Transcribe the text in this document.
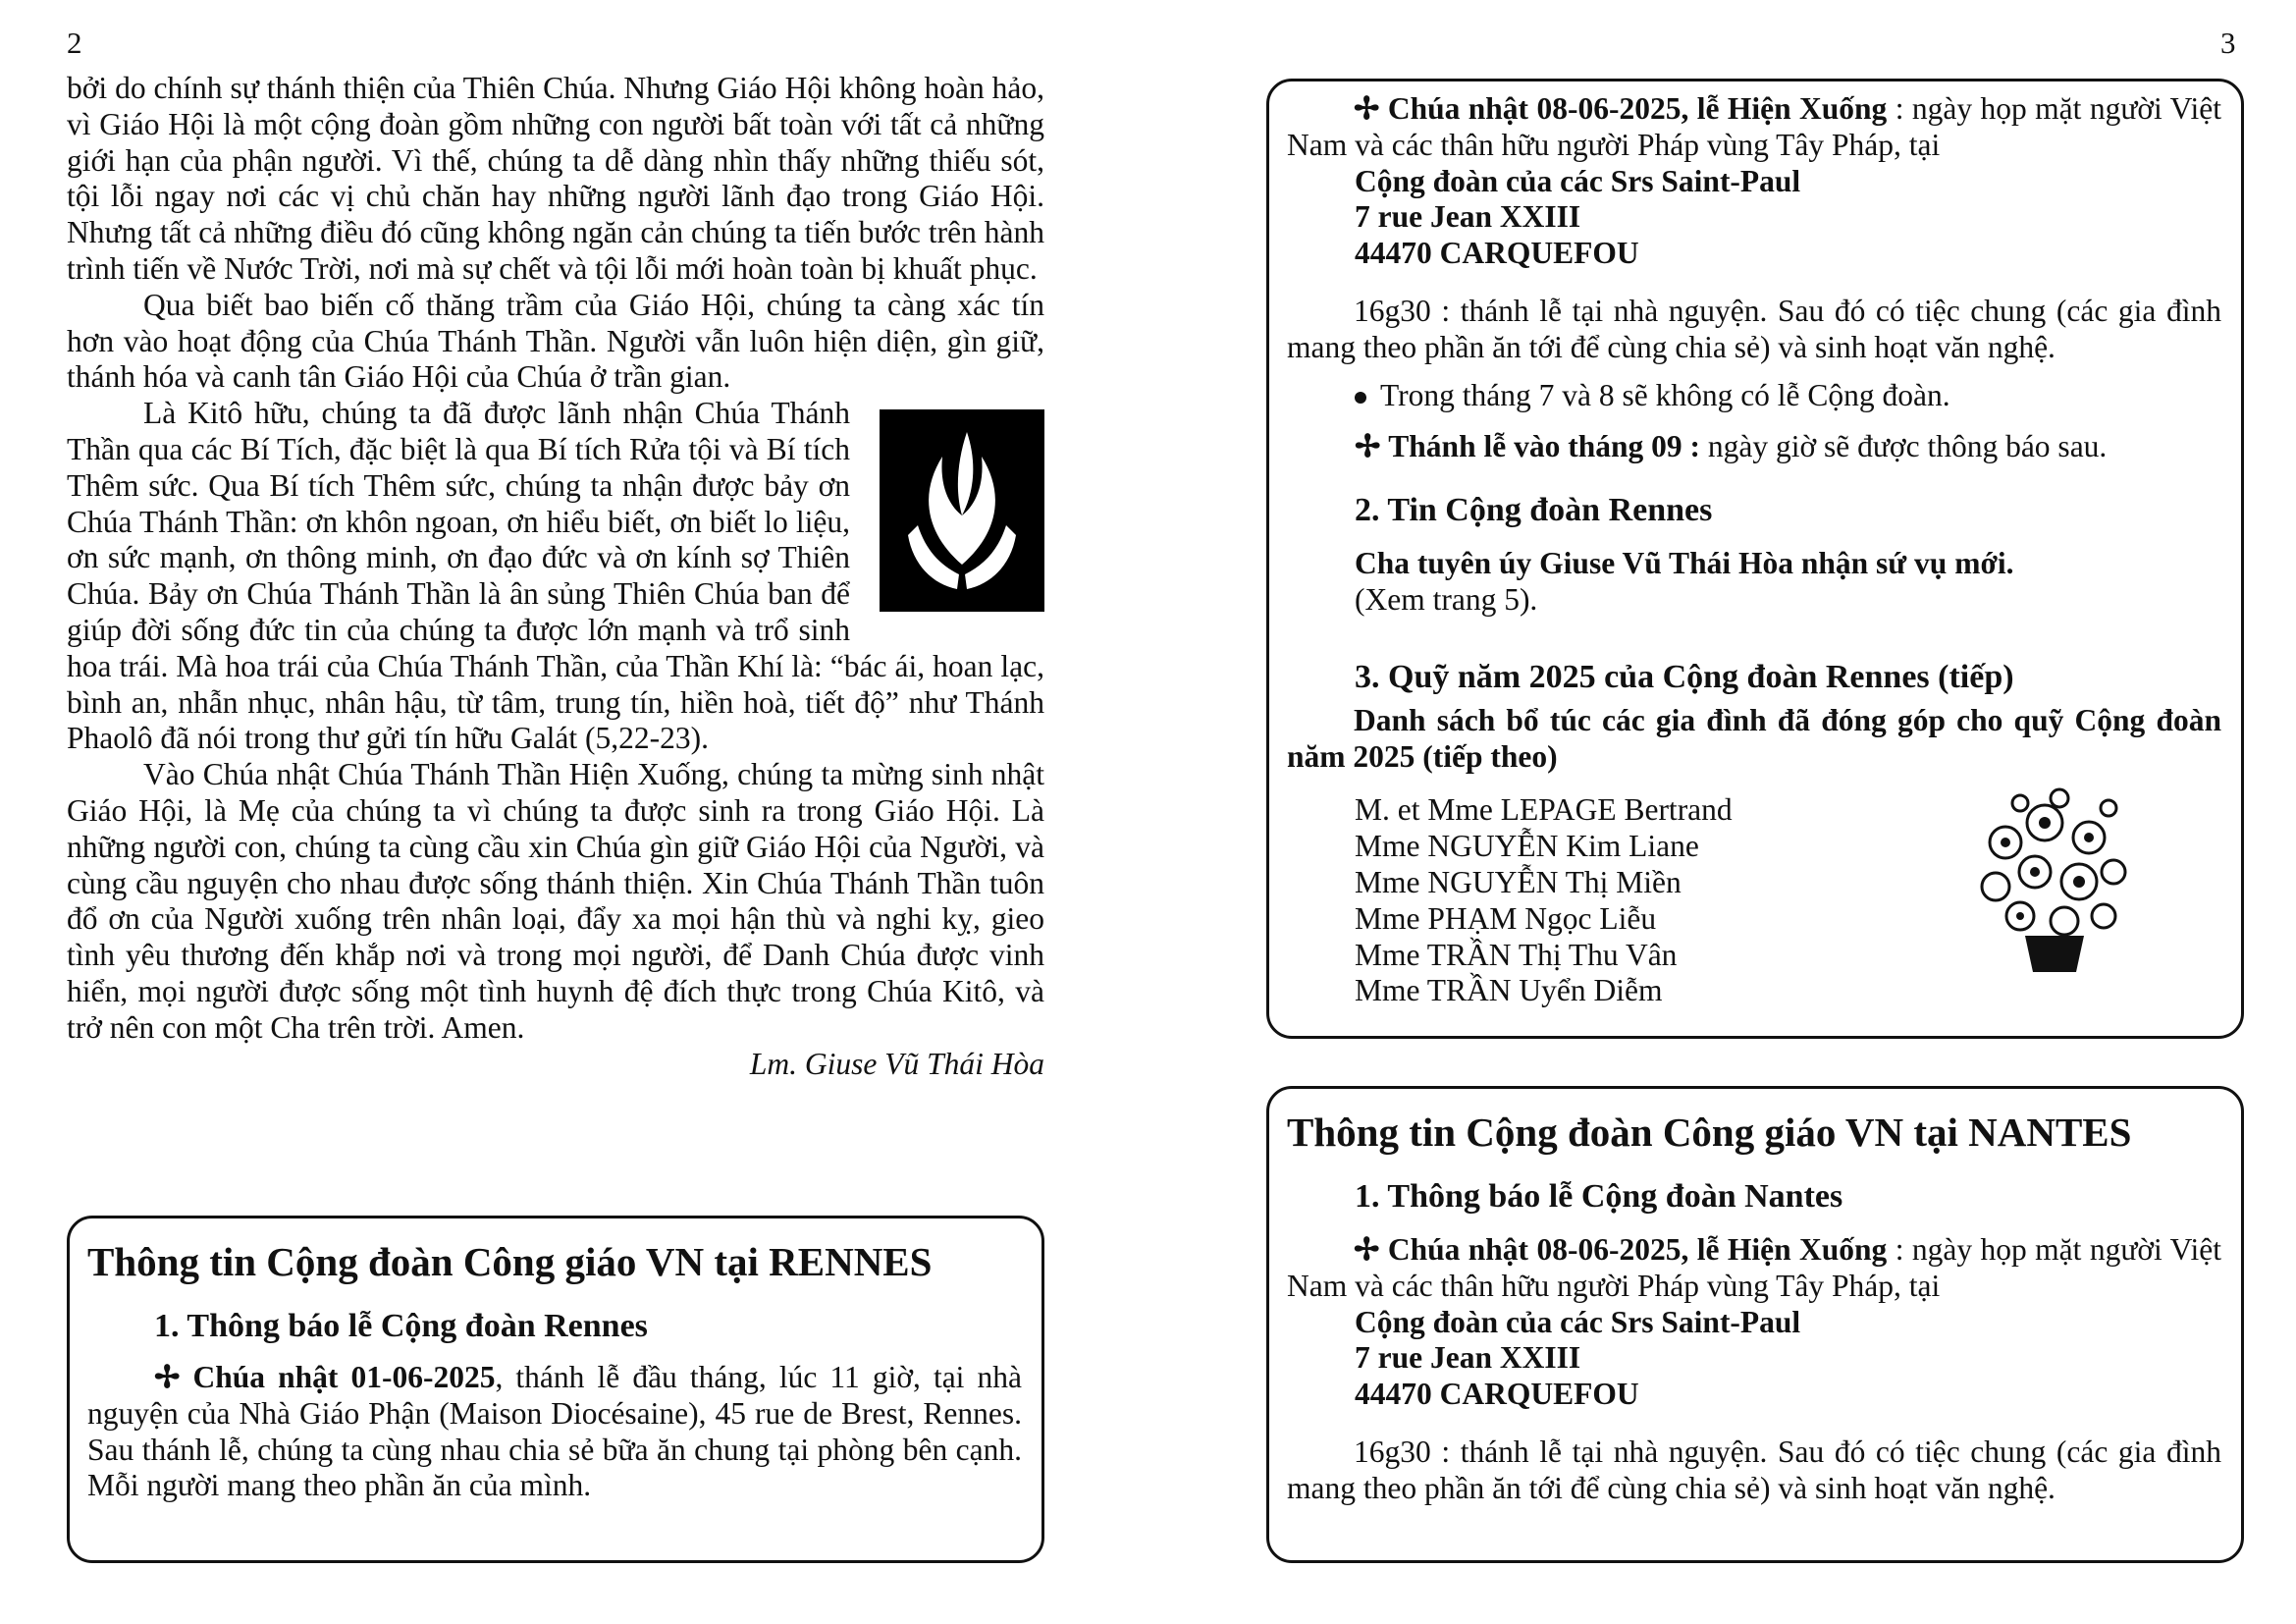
2	3

bởi do chính sự thánh thiện của Thiên Chúa. Nhưng Giáo Hội không hoàn hảo, vì Giáo Hội là một cộng đoàn gồm những con người bất toàn với tất cả những giới hạn của phận người. Vì thế, chúng ta dễ dàng nhìn thấy những thiếu sót, tội lỗi ngay nơi các vị chủ chăn hay những người lãnh đạo trong Giáo Hội. Nhưng tất cả những điều đó cũng không ngăn cản chúng ta tiến bước trên hành trình tiến về Nước Trời, nơi mà sự chết và tội lỗi mới hoàn toàn bị khuất phục.

Qua biết bao biến cố thăng trầm của Giáo Hội, chúng ta càng xác tín hơn vào hoạt động của Chúa Thánh Thần. Người vẫn luôn hiện diện, gìn giữ, thánh hóa và canh tân Giáo Hội của Chúa ở trần gian.

Là Kitô hữu, chúng ta đã được lãnh nhận Chúa Thánh Thần qua các Bí Tích, đặc biệt là qua Bí tích Rửa tội và Bí tích Thêm sức. Qua Bí tích Thêm sức, chúng ta nhận được bảy ơn Chúa Thánh Thần: ơn khôn ngoan, ơn hiểu biết, ơn biết lo liệu, ơn sức mạnh, ơn thông minh, ơn đạo đức và ơn kính sợ Thiên Chúa. Bảy ơn Chúa Thánh Thần là ân sủng Thiên Chúa ban để giúp đời sống đức tin của chúng ta được lớn mạnh và trổ sinh hoa trái. Mà hoa trái của Chúa Thánh Thần, của Thần Khí là: “bác ái, hoan lạc, bình an, nhẫn nhục, nhân hậu, từ tâm, trung tín, hiền hoà, tiết độ” như Thánh Phaolô đã nói trong thư gửi tín hữu Galát (5,22-23).

Vào Chúa nhật Chúa Thánh Thần Hiện Xuống, chúng ta mừng sinh nhật Giáo Hội, là Mẹ của chúng ta vì chúng ta được sinh ra trong Giáo Hội. Là những người con, chúng ta cùng cầu xin Chúa gìn giữ Giáo Hội của Người, và cùng cầu nguyện cho nhau được sống thánh thiện. Xin Chúa Thánh Thần tuôn đổ ơn của Người xuống trên nhân loại, đẩy xa mọi hận thù và nghi kỵ, gieo tình yêu thương đến khắp nơi và trong mọi người, để Danh Chúa được vinh hiển, mọi người được sống một tình huynh đệ đích thực trong Chúa Kitô, và trở nên con một Cha trên trời. Amen.

Lm. Giuse Vũ Thái Hòa

Thông tin Cộng đoàn Công giáo VN tại RENNES
1. Thông báo lễ Cộng đoàn Rennes

✢ Chúa nhật 01-06-2025, thánh lễ đầu tháng, lúc 11 giờ, tại nhà nguyện của Nhà Giáo Phận (Maison Diocésaine), 45 rue de Brest, Rennes. Sau thánh lễ, chúng ta cùng nhau chia sẻ bữa ăn chung tại phòng bên cạnh. Mỗi người mang theo phần ăn của mình.

✢ Chúa nhật 08-06-2025, lễ Hiện Xuống : ngày họp mặt người Việt Nam và các thân hữu người Pháp vùng Tây Pháp, tại

Cộng đoàn của các Srs Saint-Paul
7 rue Jean XXIII
44470 CARQUEFOU

16g30 : thánh lễ tại nhà nguyện. Sau đó có tiệc chung (các gia đình mang theo phần ăn tới để cùng chia sẻ) và sinh hoạt văn nghệ.

Trong tháng 7 và 8 sẽ không có lễ Cộng đoàn.
✢ Thánh lễ vào tháng 09 : ngày giờ sẽ được thông báo sau.
2. Tin Cộng đoàn Rennes
Cha tuyên úy Giuse Vũ Thái Hòa nhận sứ vụ mới.
(Xem trang 5).
3. Quỹ năm 2025 của Cộng đoàn Rennes (tiếp)

Danh sách bổ túc các gia đình đã đóng góp cho quỹ Cộng đoàn năm 2025 (tiếp theo)

M. et Mme LEPAGE Bertrand
Mme NGUYỄN Kim Liane
Mme NGUYỄN Thị Miền
Mme PHẠM Ngọc Liễu
Mme TRẦN Thị Thu Vân
Mme TRẦN Uyển Diễm
Thông tin Cộng đoàn Công giáo VN tại NANTES
1. Thông báo lễ Cộng đoàn Nantes

✢ Chúa nhật 08-06-2025, lễ Hiện Xuống : ngày họp mặt người Việt Nam và các thân hữu người Pháp vùng Tây Pháp, tại

Cộng đoàn của các Srs Saint-Paul
7 rue Jean XXIII
44470 CARQUEFOU

16g30 : thánh lễ tại nhà nguyện. Sau đó có tiệc chung (các gia đình mang theo phần ăn tới để cùng chia sẻ) và sinh hoạt văn nghệ.
